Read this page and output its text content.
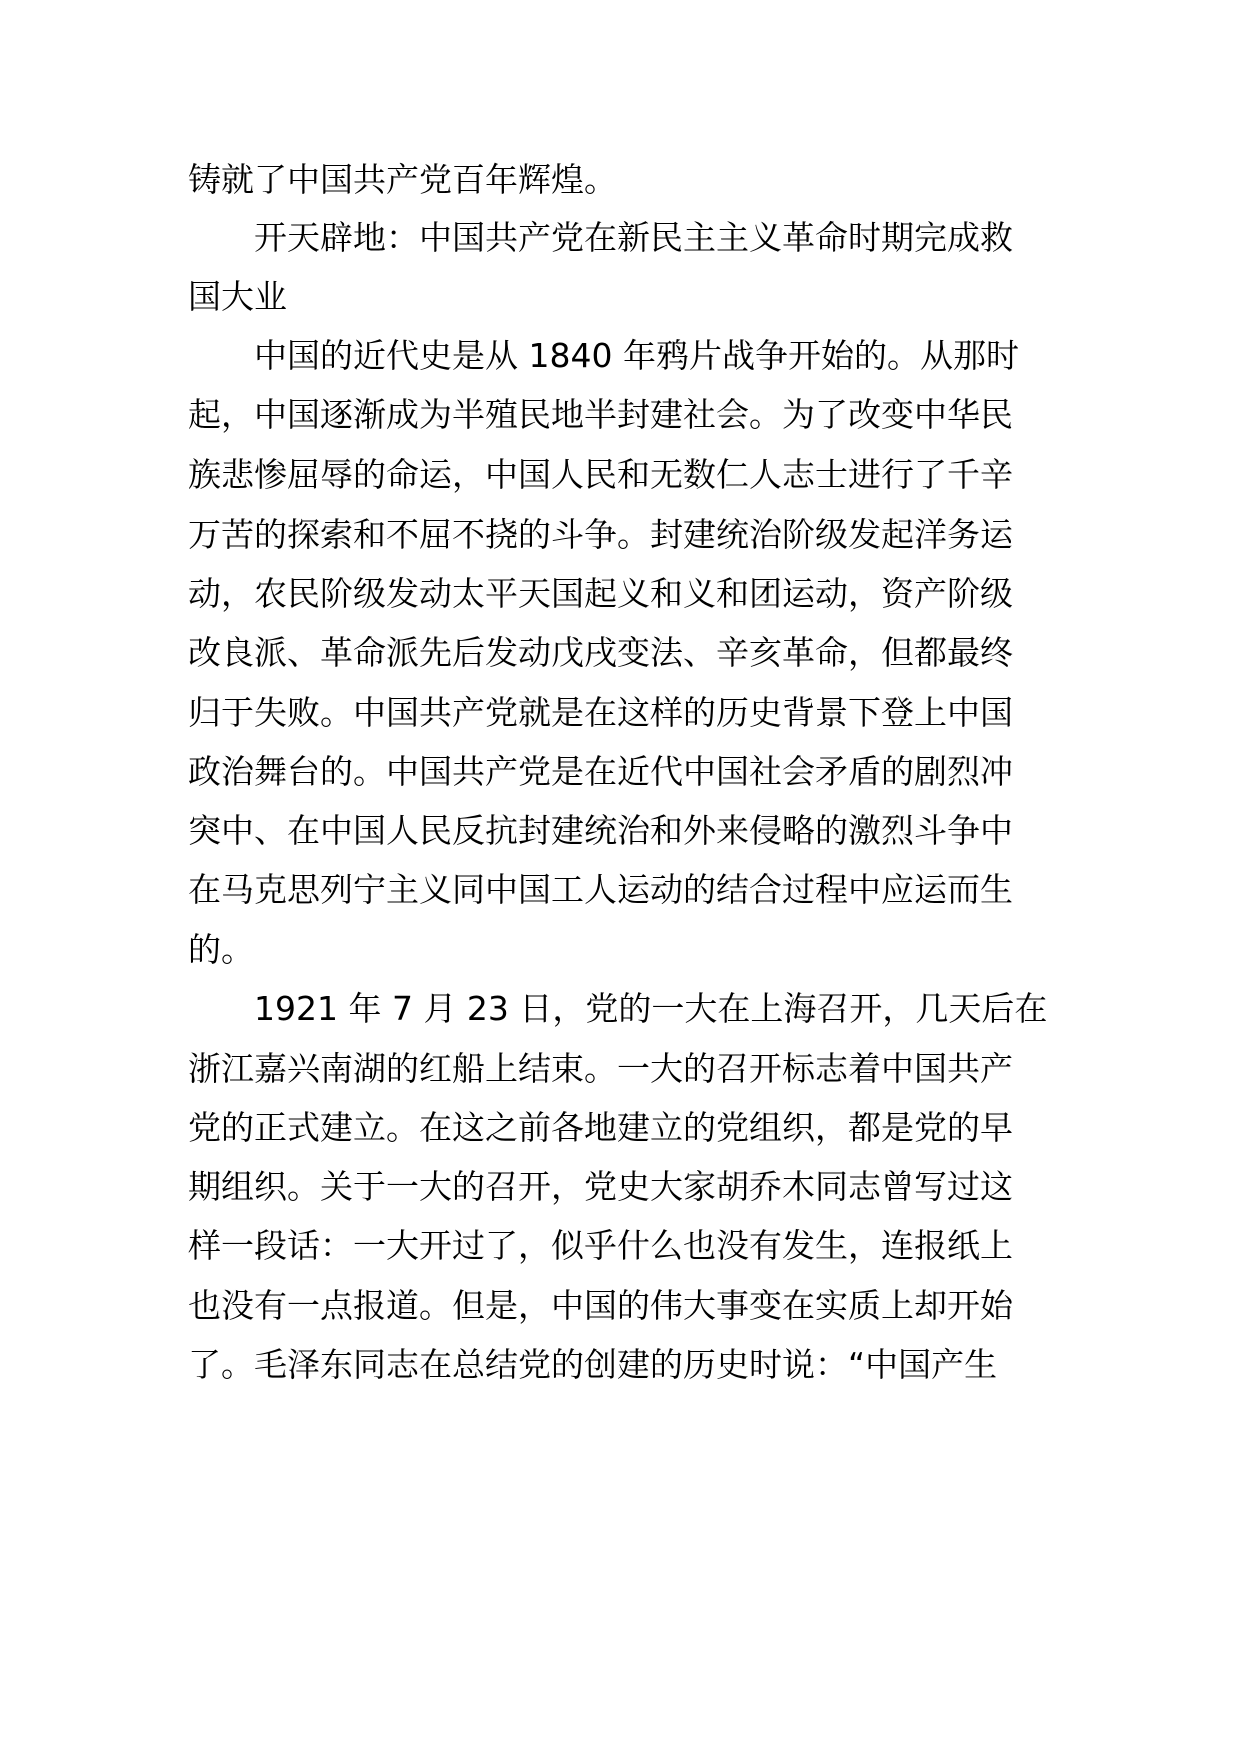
铸就了中国共产党百年辉煌。
开天辟地：中国共产党在新民主主义革命时期完成救
国大业
中国的近代史是从 1840 年鸦片战争开始的。从那时
起，中国逐渐成为半殖民地半封建社会。为了改变中华民
族悲惨屈辱的命运，中国人民和无数仁人志士进行了千辛
万苦的探索和不屈不挠的斗争。封建统治阶级发起洋务运
动，农民阶级发动太平天国起义和义和团运动，资产阶级
改良派、革命派先后发动戊戌变法、辛亥革命，但都最终
归于失败。中国共产党就是在这样的历史背景下登上中国
政治舞台的。中国共产党是在近代中国社会矛盾的剧烈冲
突中、在中国人民反抗封建统治和外来侵略的激烈斗争中
在马克思列宁主义同中国工人运动的结合过程中应运而生
的。
1921 年 7 月 23 日，党的一大在上海召开，几天后在
浙江嘉兴南湖的红船上结束。一大的召开标志着中国共产
党的正式建立。在这之前各地建立的党组织，都是党的早
期组织。关于一大的召开，党史大家胡乔木同志曾写过这
样一段话：一大开过了，似乎什么也没有发生，连报纸上
也没有一点报道。但是，中国的伟大事变在实质上却开始
了。毛泽东同志在总结党的创建的历史时说：“中国产生
